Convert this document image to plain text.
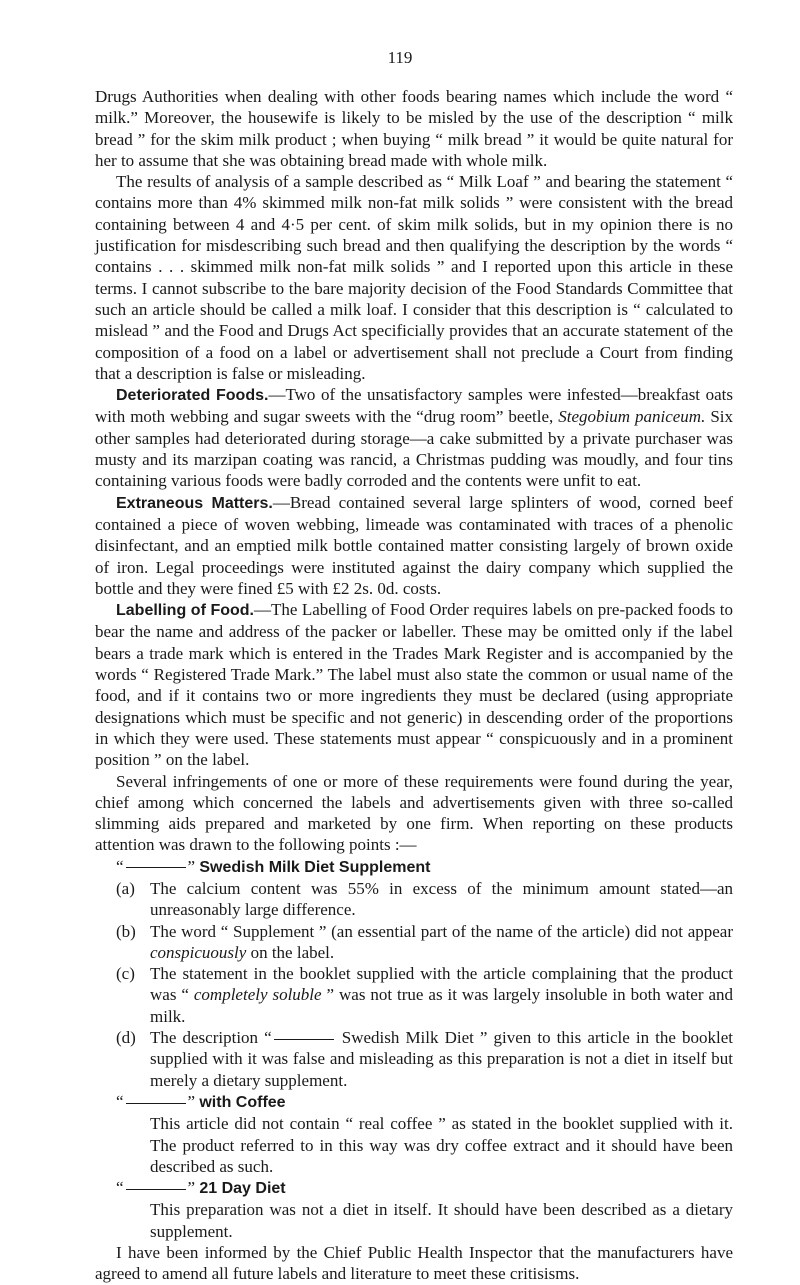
119

Drugs Authorities when dealing with other foods bearing names which include the word “ milk.” Moreover, the housewife is likely to be misled by the use of the description “ milk bread ” for the skim milk product ; when buying “ milk bread ” it would be quite natural for her to assume that she was obtaining bread made with whole milk.

The results of analysis of a sample described as “ Milk Loaf ” and bearing the statement “ contains more than 4% skimmed milk non-fat milk solids ” were consistent with the bread containing between 4 and 4·5 per cent. of skim milk solids, but in my opinion there is no justification for misdescribing such bread and then qualifying the description by the words “ contains . . . skimmed milk non-fat milk solids ” and I reported upon this article in these terms. I cannot subscribe to the bare majority decision of the Food Standards Committee that such an article should be called a milk loaf. I consider that this description is “ calculated to mislead ” and the Food and Drugs Act specificially provides that an accurate statement of the composition of a food on a label or advertisement shall not preclude a Court from finding that a description is false or misleading.

Deteriorated Foods.—Two of the unsatisfactory samples were infested—breakfast oats with moth webbing and sugar sweets with the “drug room” beetle, Stegobium paniceum. Six other samples had deteriorated during storage—a cake submitted by a private purchaser was musty and its marzipan coating was rancid, a Christmas pudding was moudly, and four tins containing various foods were badly corroded and the contents were unfit to eat.

Extraneous Matters.—Bread contained several large splinters of wood, corned beef contained a piece of woven webbing, limeade was contaminated with traces of a phenolic disinfectant, and an emptied milk bottle contained matter consisting largely of brown oxide of iron. Legal proceedings were instituted against the dairy company which supplied the bottle and they were fined £5 with £2 2s. 0d. costs.

Labelling of Food.—The Labelling of Food Order requires labels on pre-packed foods to bear the name and address of the packer or labeller. These may be omitted only if the label bears a trade mark which is entered in the Trades Mark Register and is accompanied by the words “ Registered Trade Mark.” The label must also state the common or usual name of the food, and if it contains two or more ingredients they must be declared (using appropriate designations which must be specific and not generic) in descending order of the proportions in which they were used. These statements must appear “ conspicuously and in a prominent position ” on the label.

Several infringements of one or more of these requirements were found during the year, chief among which concerned the labels and advertisements given with three so-called slimming aids prepared and marketed by one firm. When reporting on these products attention was drawn to the following points :—

“	” Swedish Milk Diet Supplement

(a) The calcium content was 55% in excess of the minimum amount stated—an unreasonably large difference.
(b) The word “ Supplement ” (an essential part of the name of the article) did not appear conspicuously on the label.
(c) The statement in the booklet supplied with the article complaining that the product was “ completely soluble ” was not true as it was largely insoluble in both water and milk.
(d) The description “	Swedish Milk Diet ” given to this article in the booklet supplied with it was false and misleading as this preparation is not a diet in itself but merely a dietary supplement.

“	” with Coffee

This article did not contain “ real coffee ” as stated in the booklet supplied with it. The product referred to in this way was dry coffee extract and it should have been described as such.

“	” 21 Day Diet

This preparation was not a diet in itself. It should have been described as a dietary supplement.

I have been informed by the Chief Public Health Inspector that the manufacturers have agreed to amend all future labels and literature to meet these critisisms.
